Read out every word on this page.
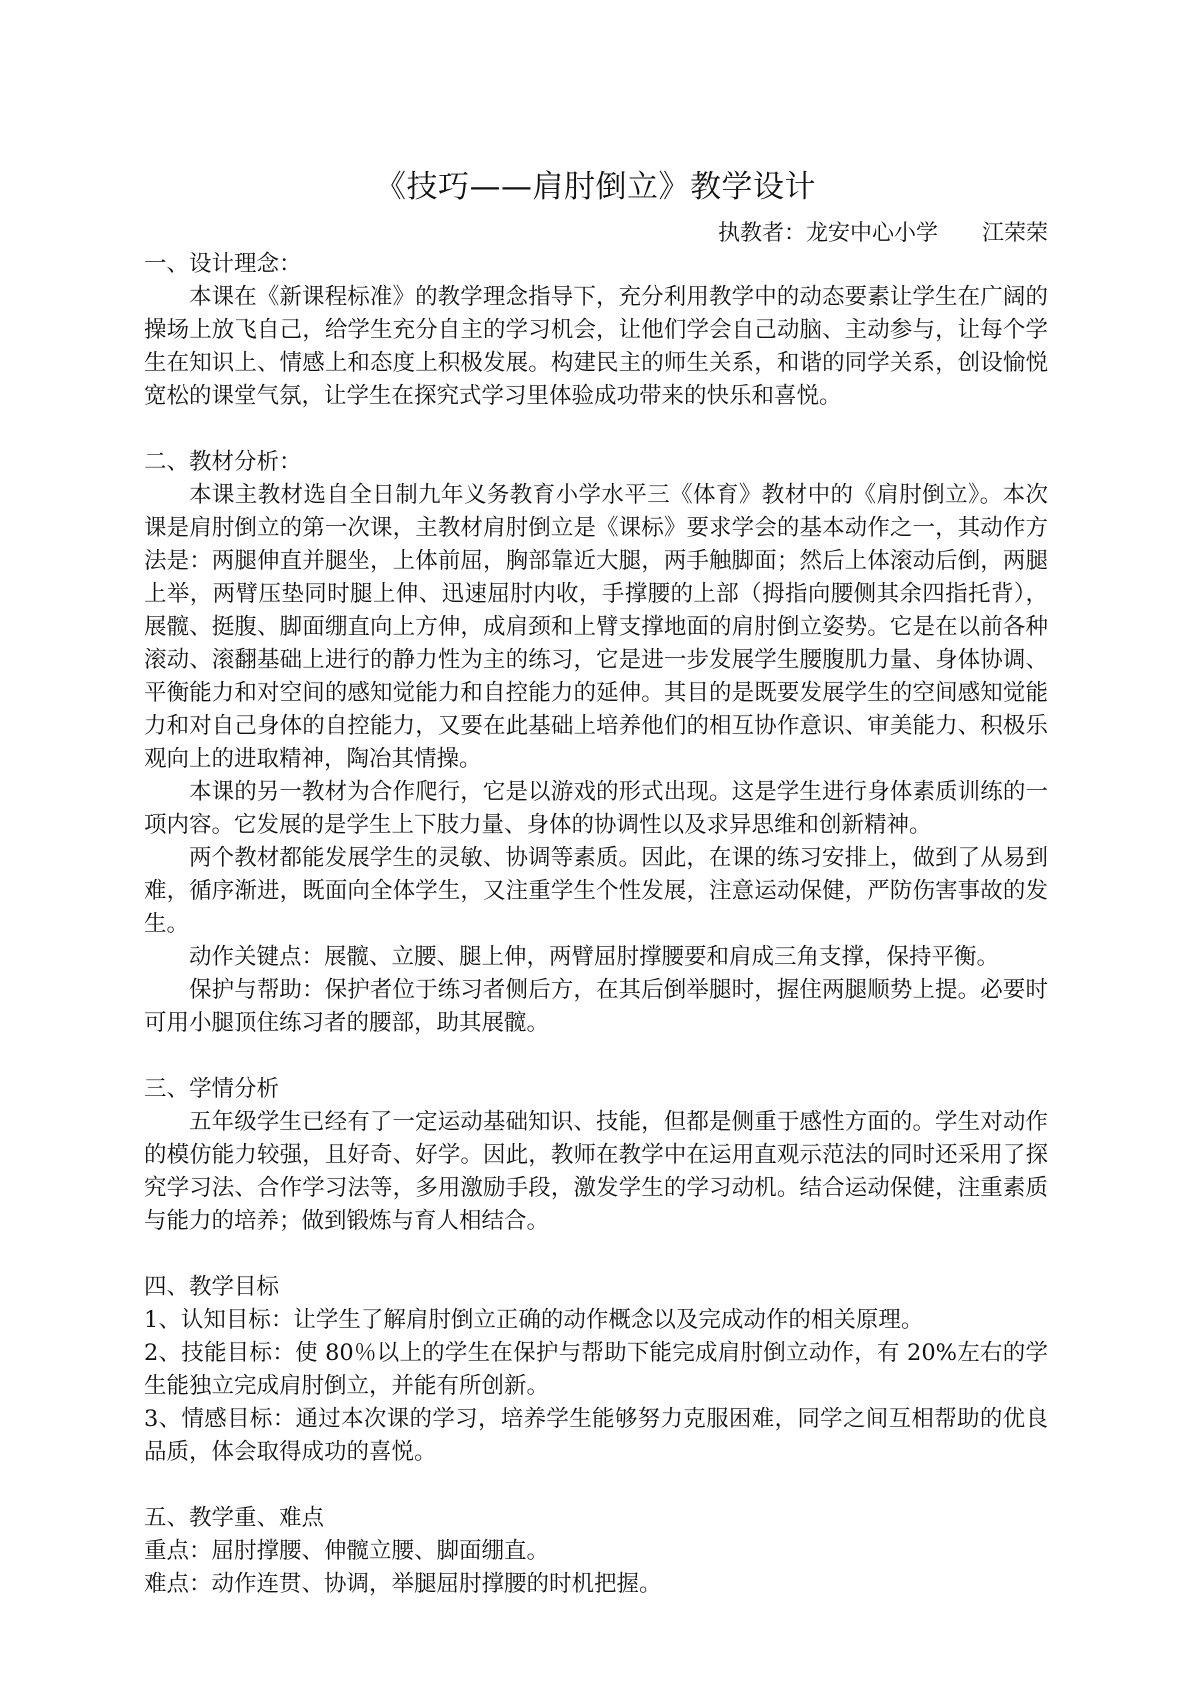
《技巧——肩肘倒立》教学设计
执教者：龙安中心小学　　江荣荣

一、设计理念：

本课在《新课程标准》的教学理念指导下，充分利用教学中的动态要素让学生在广阔的操场上放飞自己，给学生充分自主的学习机会，让他们学会自己动脑、主动参与，让每个学生在知识上、情感上和态度上积极发展。构建民主的师生关系，和谐的同学关系，创设愉悦宽松的课堂气氛，让学生在探究式学习里体验成功带来的快乐和喜悦。

二、教材分析：

本课主教材选自全日制九年义务教育小学水平三《体育》教材中的《肩肘倒立》。本次课是肩肘倒立的第一次课，主教材肩肘倒立是《课标》要求学会的基本动作之一，其动作方法是：两腿伸直并腿坐，上体前屈，胸部靠近大腿，两手触脚面；然后上体滚动后倒，两腿上举，两臂压垫同时腿上伸、迅速屈肘内收，手撑腰的上部（拇指向腰侧其余四指托背），展髋、挺腹、脚面绷直向上方伸，成肩颈和上臂支撑地面的肩肘倒立姿势。它是在以前各种滚动、滚翻基础上进行的静力性为主的练习，它是进一步发展学生腰腹肌力量、身体协调、平衡能力和对空间的感知觉能力和自控能力的延伸。其目的是既要发展学生的空间感知觉能力和对自己身体的自控能力，又要在此基础上培养他们的相互协作意识、审美能力、积极乐观向上的进取精神，陶冶其情操。

本课的另一教材为合作爬行，它是以游戏的形式出现。这是学生进行身体素质训练的一项内容。它发展的是学生上下肢力量、身体的协调性以及求异思维和创新精神。

两个教材都能发展学生的灵敏、协调等素质。因此，在课的练习安排上，做到了从易到难，循序渐进，既面向全体学生，又注重学生个性发展，注意运动保健，严防伤害事故的发生。

动作关键点：展髋、立腰、腿上伸，两臂屈肘撑腰要和肩成三角支撑，保持平衡。

保护与帮助：保护者位于练习者侧后方，在其后倒举腿时，握住两腿顺势上提。必要时可用小腿顶住练习者的腰部，助其展髋。

三、学情分析

五年级学生已经有了一定运动基础知识、技能，但都是侧重于感性方面的。学生对动作的模仿能力较强，且好奇、好学。因此，教师在教学中在运用直观示范法的同时还采用了探究学习法、合作学习法等，多用激励手段，激发学生的学习动机。结合运动保健，注重素质与能力的培养；做到锻炼与育人相结合。

四、教学目标

1、认知目标：让学生了解肩肘倒立正确的动作概念以及完成动作的相关原理。

2、技能目标：使 80％以上的学生在保护与帮助下能完成肩肘倒立动作，有 20%左右的学生能独立完成肩肘倒立，并能有所创新。

3、情感目标：通过本次课的学习，培养学生能够努力克服困难，同学之间互相帮助的优良品质，体会取得成功的喜悦。

五、教学重、难点

重点：屈肘撑腰、伸髋立腰、脚面绷直。

难点：动作连贯、协调，举腿屈肘撑腰的时机把握。
